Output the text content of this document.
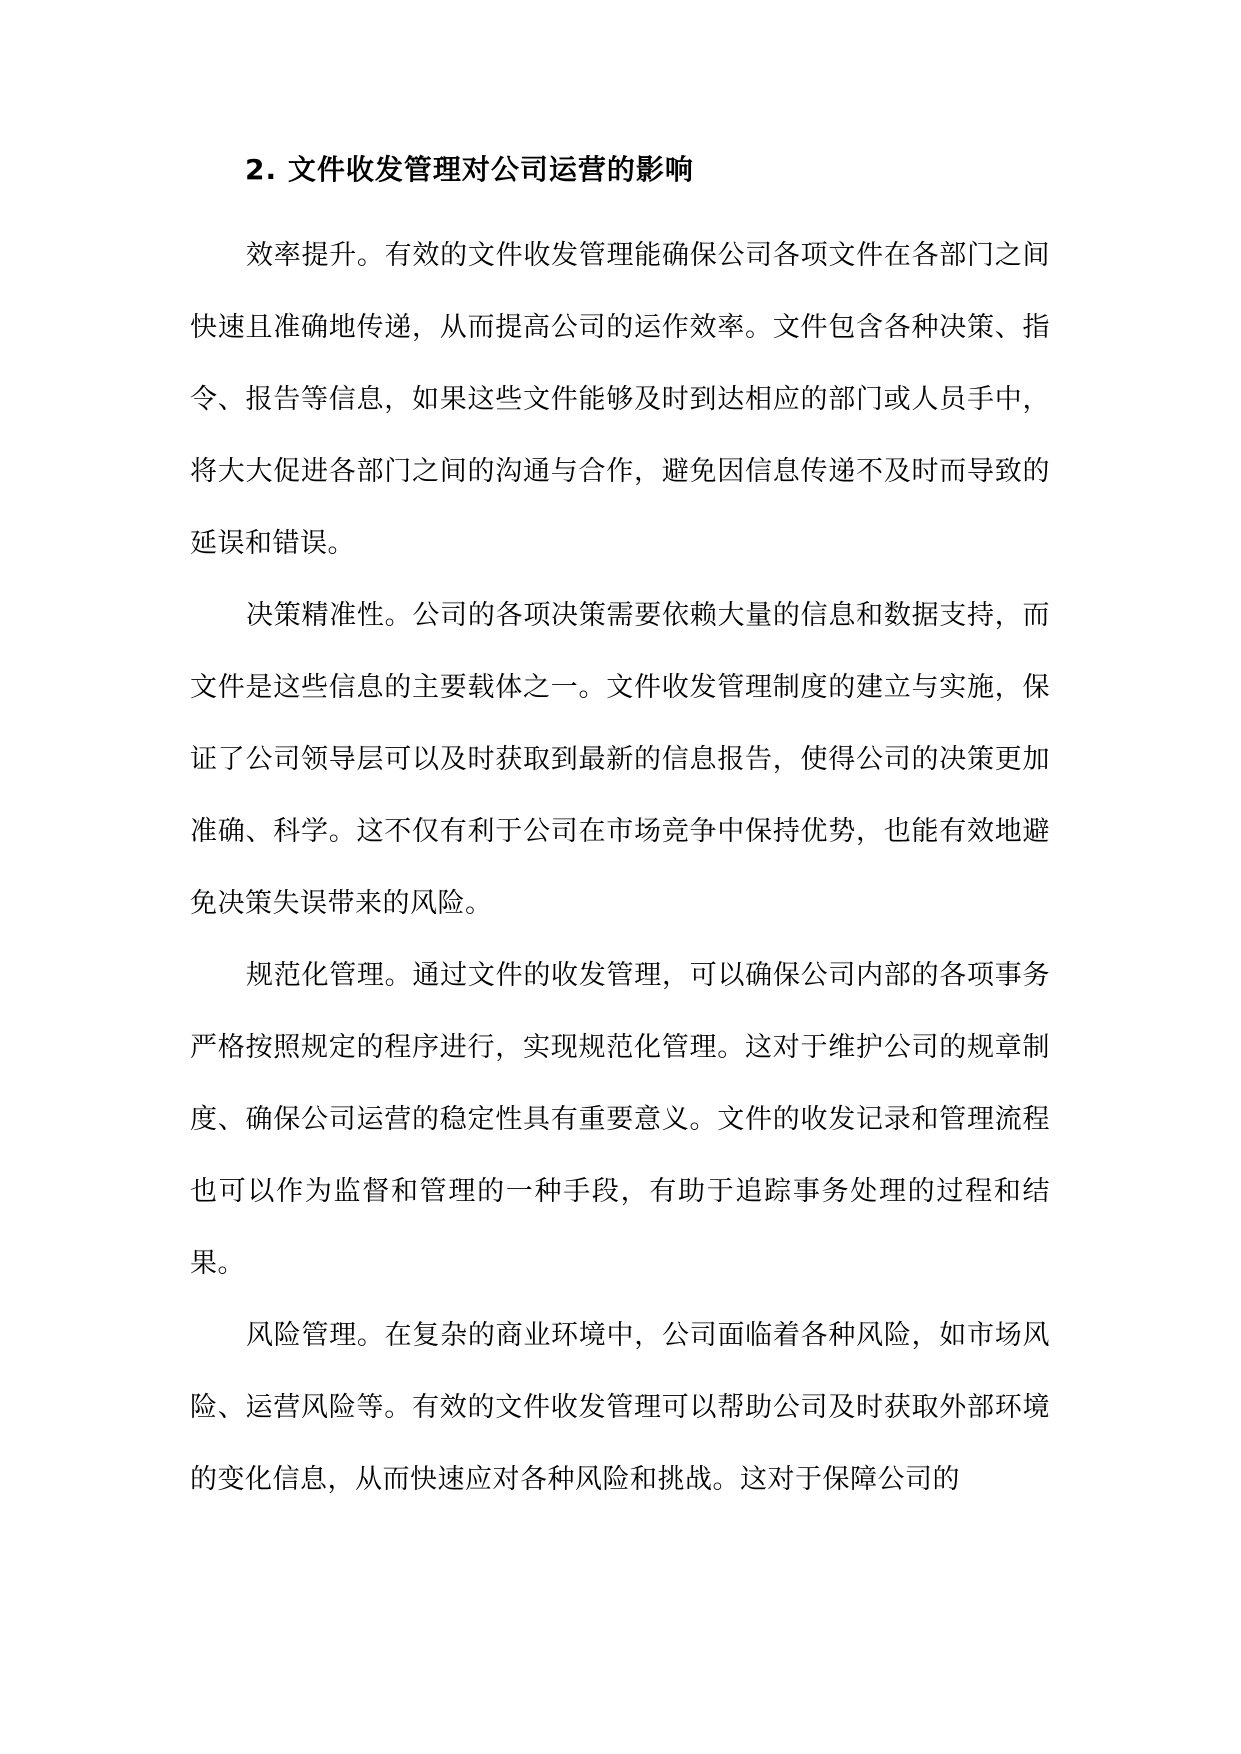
2. 文件收发管理对公司运营的影响

效率提升。有效的文件收发管理能确保公司各项文件在各部门之间快速且准确地传递，从而提高公司的运作效率。文件包含各种决策、指令、报告等信息，如果这些文件能够及时到达相应的部门或人员手中，将大大促进各部门之间的沟通与合作，避免因信息传递不及时而导致的延误和错误。

决策精准性。公司的各项决策需要依赖大量的信息和数据支持，而文件是这些信息的主要载体之一。文件收发管理制度的建立与实施，保证了公司领导层可以及时获取到最新的信息报告，使得公司的决策更加准确、科学。这不仅有利于公司在市场竞争中保持优势，也能有效地避免决策失误带来的风险。

规范化管理。通过文件的收发管理，可以确保公司内部的各项事务严格按照规定的程序进行，实现规范化管理。这对于维护公司的规章制度、确保公司运营的稳定性具有重要意义。文件的收发记录和管理流程也可以作为监督和管理的一种手段，有助于追踪事务处理的过程和结果。

风险管理。在复杂的商业环境中，公司面临着各种风险，如市场风险、运营风险等。有效的文件收发管理可以帮助公司及时获取外部环境的变化信息，从而快速应对各种风险和挑战。这对于保障公司的
